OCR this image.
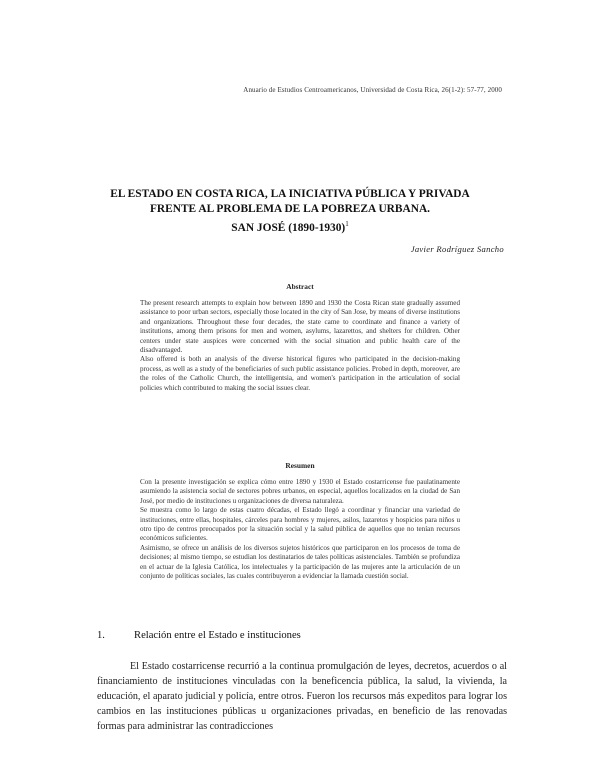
Anuario de Estudios Centroamericanos, Universidad de Costa Rica, 26(1-2): 57-77, 2000
EL ESTADO EN COSTA RICA, LA INICIATIVA PÚBLICA Y PRIVADA
FRENTE AL PROBLEMA DE LA POBREZA URBANA.
SAN JOSÉ (1890-1930)$^1$
Javier Rodríguez Sancho
Abstract

The present research attempts to explain how between 1890 and 1930 the Costa Rican state gradually assumed assistance to poor urban sectors, especially those located in the city of San Jose, by means of diverse institutions and organizations. Throughout these four decades, the state came to coordinate and finance a variety of institutions, among them prisons for men and women, asylums, lazarettos, and shelters for children. Other centers under state auspices were concerned with the social situation and public health care of the disadvantaged.

Also offered is both an analysis of the diverse historical figures who participated in the decision-making process, as well as a study of the beneficiaries of such public assistance policies. Probed in depth, moreover, are the roles of the Catholic Church, the intelligentsia, and women's participation in the articulation of social policies which contributed to making the social issues clear.

Resumen

Con la presente investigación se explica cómo entre 1890 y 1930 el Estado costarricense fue paulatinamente asumiendo la asistencia social de sectores pobres urbanos, en especial, aquellos localizados en la ciudad de San José, por medio de instituciones u organizaciones de diversa naturaleza.

Se muestra como lo largo de estas cuatro décadas, el Estado llegó a coordinar y financiar una variedad de instituciones, entre ellas, hospitales, cárceles para hombres y mujeres, asilos, lazaretos y hospicios para niños u otro tipo de centros preocupados por la situación social y la salud pública de aquellos que no tenían recursos económicos suficientes.

Asimismo, se ofrece un análisis de los diversos sujetos históricos que participaron en los procesos de toma de decisiones; al mismo tiempo, se estudian los destinatarios de tales políticas asistenciales. También se profundiza en el actuar de la Iglesia Católica, los intelectuales y la participación de las mujeres ante la articulación de un conjunto de políticas sociales, las cuales contribuyeron a evidenciar la llamada cuestión social.

1.	Relación entre el Estado e instituciones

El Estado costarricense recurrió a la continua promulgación de leyes, decretos, acuerdos o al financiamiento de instituciones vinculadas con la beneficencia pública, la salud, la vivienda, la educación, el aparato judicial y policía, entre otros. Fueron los recursos más expeditos para lograr los cambios en las instituciones públicas u organizaciones privadas, en beneficio de las renovadas formas para administrar las contradicciones
